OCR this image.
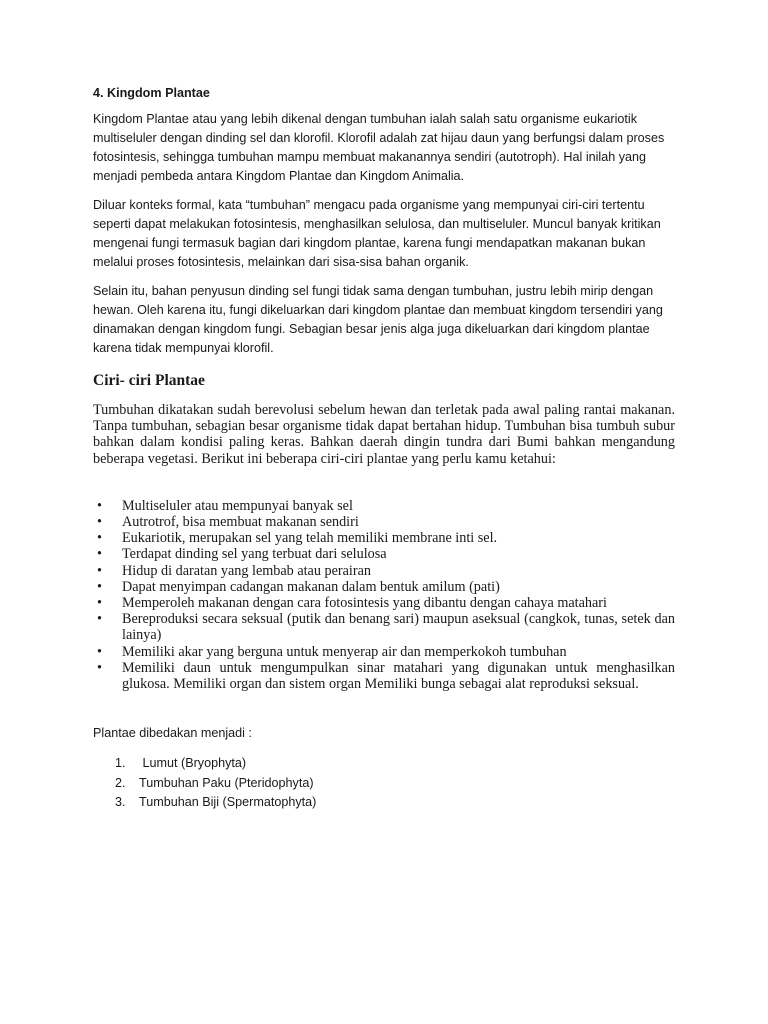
4. Kingdom Plantae

Kingdom Plantae atau yang lebih dikenal dengan tumbuhan ialah salah satu organisme eukariotik multiseluler dengan dinding sel dan klorofil. Klorofil adalah zat hijau daun yang berfungsi dalam proses fotosintesis, sehingga tumbuhan mampu membuat makanannya sendiri (autotroph). Hal inilah yang menjadi pembeda antara Kingdom Plantae dan Kingdom Animalia.

Diluar konteks formal, kata “tumbuhan” mengacu pada organisme yang mempunyai ciri-ciri tertentu seperti dapat melakukan fotosintesis, menghasilkan selulosa, dan multiseluler. Muncul banyak kritikan mengenai fungi termasuk bagian dari kingdom plantae, karena fungi mendapatkan makanan bukan melalui proses fotosintesis, melainkan dari sisa-sisa bahan organik.

Selain itu, bahan penyusun dinding sel fungi tidak sama dengan tumbuhan, justru lebih mirip dengan hewan. Oleh karena itu, fungi dikeluarkan dari kingdom plantae dan membuat kingdom tersendiri yang dinamakan dengan kingdom fungi. Sebagian besar jenis alga juga dikeluarkan dari kingdom plantae karena tidak mempunyai klorofil.

Ciri- ciri Plantae

Tumbuhan dikatakan sudah berevolusi sebelum hewan dan terletak pada awal paling rantai makanan. Tanpa tumbuhan, sebagian besar organisme tidak dapat bertahan hidup. Tumbuhan bisa tumbuh subur bahkan dalam kondisi paling keras. Bahkan daerah dingin tundra dari Bumi bahkan mengandung beberapa vegetasi. Berikut ini beberapa ciri-ciri plantae yang perlu kamu ketahui:

• Multiseluler atau mempunyai banyak sel
• Autrotrof, bisa membuat makanan sendiri
• Eukariotik, merupakan sel yang telah memiliki membrane inti sel.
• Terdapat dinding sel yang terbuat dari selulosa
• Hidup di daratan yang lembab atau perairan
• Dapat menyimpan cadangan makanan dalam bentuk amilum (pati)
• Memperoleh makanan dengan cara fotosintesis yang dibantu dengan cahaya matahari
• Bereproduksi secara seksual (putik dan benang sari) maupun aseksual (cangkok, tunas, setek dan lainya)
• Memiliki akar yang berguna untuk menyerap air dan memperkokoh tumbuhan
• Memiliki daun untuk mengumpulkan sinar matahari yang digunakan untuk menghasilkan glukosa. Memiliki organ dan sistem organ Memiliki bunga sebagai alat reproduksi seksual.

Plantae dibedakan menjadi :

1. Lumut (Bryophyta)
2. Tumbuhan Paku (Pteridophyta)
3. Tumbuhan Biji (Spermatophyta)
